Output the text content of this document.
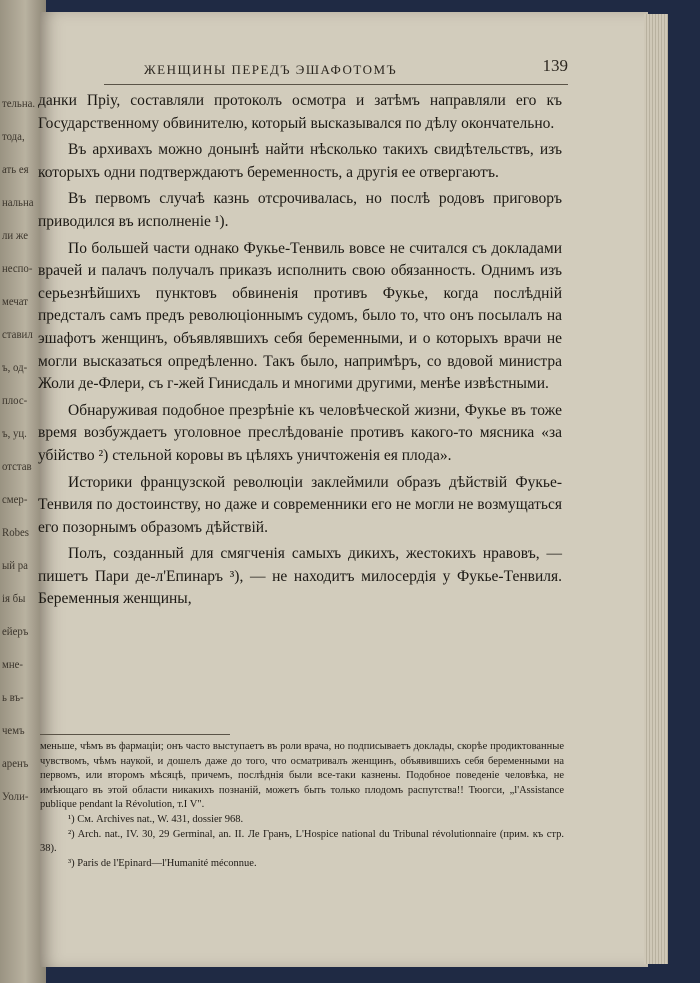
тельна.
тода,
ать ея
нальна
ли же
неспо-
мечат
ставил
ъ, од-
плос-
ъ, уц.
отстав
смер-
Robes
ый ра
ія бы
ейеръ
мне-
ь въ-
чемъ
аренъ
Уоли-
ЖЕНЩИНЫ ПЕРЕДЪ ЭШАФОТОМЪ	139

данки Пріу, составляли протоколъ осмотра и затѣмъ направляли его къ Государственному обвинителю, который высказывался по дѣлу окончательно.

Въ архивахъ можно донынѣ найти нѣсколько такихъ свидѣтельствъ, изъ которыхъ одни подтверждаютъ беременность, а другія ее отвергаютъ.

Въ первомъ случаѣ казнь отсрочивалась, но послѣ родовъ приговоръ приводился въ исполненіе ¹).

По большей части однако Фукье-Тенвиль вовсе не считался съ докладами врачей и палачъ получалъ приказъ исполнить свою обязанность. Однимъ изъ серьезнѣйшихъ пунктовъ обвиненія противъ Фукье, когда послѣдній предсталъ самъ предъ революціоннымъ судомъ, было то, что онъ посылалъ на эшафотъ женщинъ, объявлявшихъ себя беременными, и о которыхъ врачи не могли высказаться опредѣленно. Такъ было, напримѣръ, со вдовой министра Жоли де-Флери, съ г-жей Гинисдаль и многими другими, менѣе извѣстными.

Обнаруживая подобное презрѣніе къ человѣческой жизни, Фукье въ тоже время возбуждаетъ уголовное преслѣдованіе противъ какого-то мясника «за убійство ²) стельной коровы въ цѣляхъ уничтоженія ея плода».

Историки французской революціи заклеймили образъ дѣйствій Фукье-Тенвиля по достоинству, но даже и современники его не могли не возмущаться его позорнымъ образомъ дѣйствій.

Полъ, созданный для смягченія самыхъ дикихъ, жестокихъ нравовъ, — пишетъ Пари де-л'Епинаръ ³), — не находитъ милосердія у Фукье-Тенвиля. Беременныя женщины,

меньше, чѣмъ въ фармаціи; онъ часто выступаетъ въ роли врача, но подписываетъ доклады, скорѣе продиктованные чувствомъ, чѣмъ наукой, и дошелъ даже до того, что осматривалъ женщинъ, объявившихъ себя беременными на первомъ, или второмъ мѣсяцѣ, причемъ, послѣднія были все-таки казнены. Подобное поведеніе человѣка, не имѣющаго въ этой области никакихъ познаній, можетъ быть только плодомъ распутства!! Тюогси, „l'Assistance publique pendant la Révolution, т.I V".

¹) См. Archives nat., W. 431, dossier 968.

²) Arch. nat., IV. 30, 29 Germinal, an. II. Ле Гранъ, L'Hospice national du Tribunal révolutionnaire (прим. къ стр. 38).

³) Paris de l'Epinard—l'Humanité méconnue.
